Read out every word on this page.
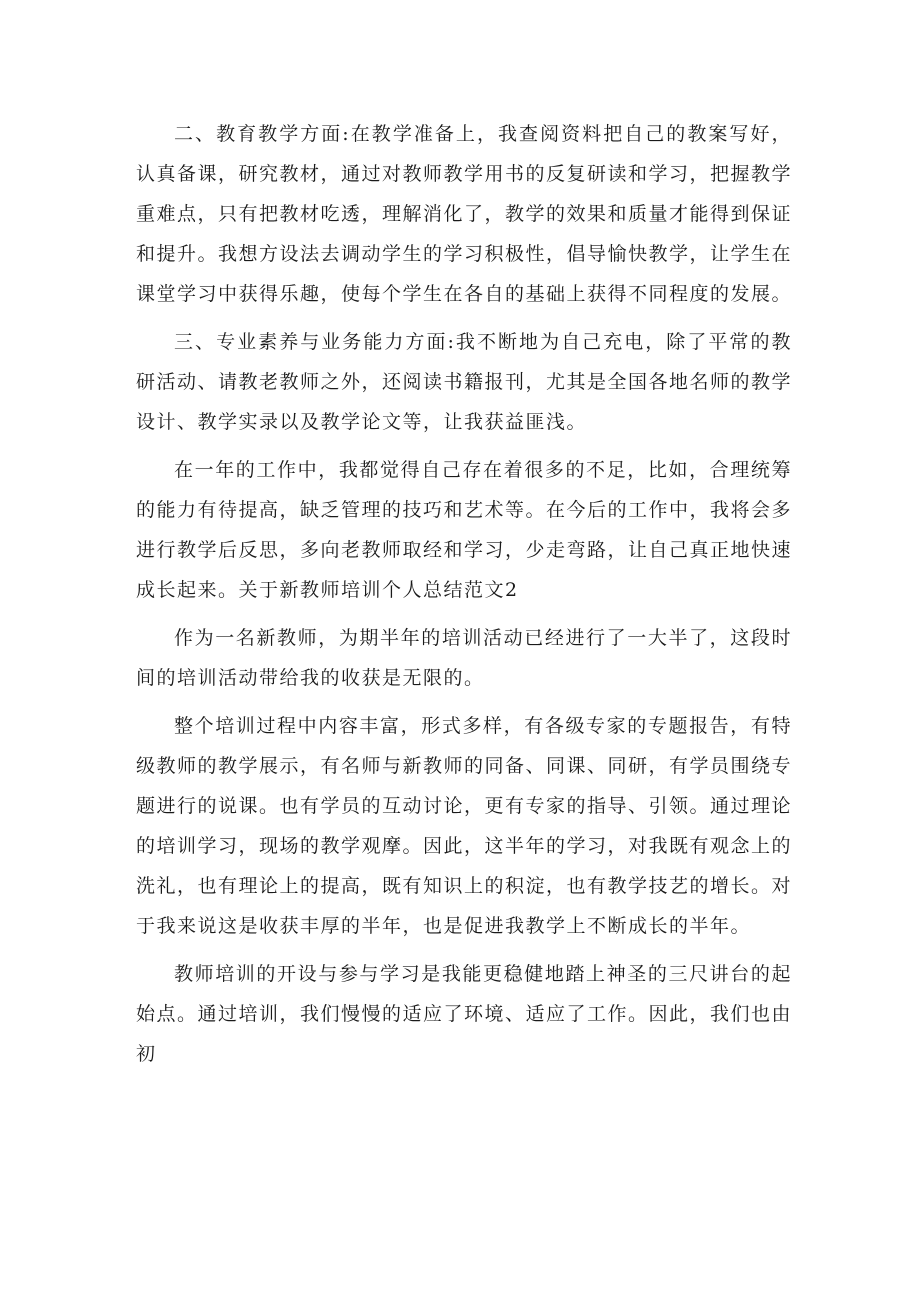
二、教育教学方面:在教学准备上，我查阅资料把自己的教案写好，认真备课，研究教材，通过对教师教学用书的反复研读和学习，把握教学重难点，只有把教材吃透，理解消化了，教学的效果和质量才能得到保证和提升。我想方设法去调动学生的学习积极性，倡导愉快教学，让学生在课堂学习中获得乐趣，使每个学生在各自的基础上获得不同程度的发展。

三、专业素养与业务能力方面:我不断地为自己充电，除了平常的教研活动、请教老教师之外，还阅读书籍报刊，尤其是全国各地名师的教学设计、教学实录以及教学论文等，让我获益匪浅。

在一年的工作中，我都觉得自己存在着很多的不足，比如，合理统筹的能力有待提高，缺乏管理的技巧和艺术等。在今后的工作中，我将会多进行教学后反思，多向老教师取经和学习，少走弯路，让自己真正地快速成长起来。关于新教师培训个人总结范文2

作为一名新教师，为期半年的培训活动已经进行了一大半了，这段时间的培训活动带给我的收获是无限的。

整个培训过程中内容丰富，形式多样，有各级专家的专题报告，有特级教师的教学展示，有名师与新教师的同备、同课、同研，有学员围绕专题进行的说课。也有学员的互动讨论，更有专家的指导、引领。通过理论的培训学习，现场的教学观摩。因此，这半年的学习，对我既有观念上的洗礼，也有理论上的提高，既有知识上的积淀，也有教学技艺的增长。对于我来说这是收获丰厚的半年，也是促进我教学上不断成长的半年。

教师培训的开设与参与学习是我能更稳健地踏上神圣的三尺讲台的起始点。通过培训，我们慢慢的适应了环境、适应了工作。因此，我们也由初
